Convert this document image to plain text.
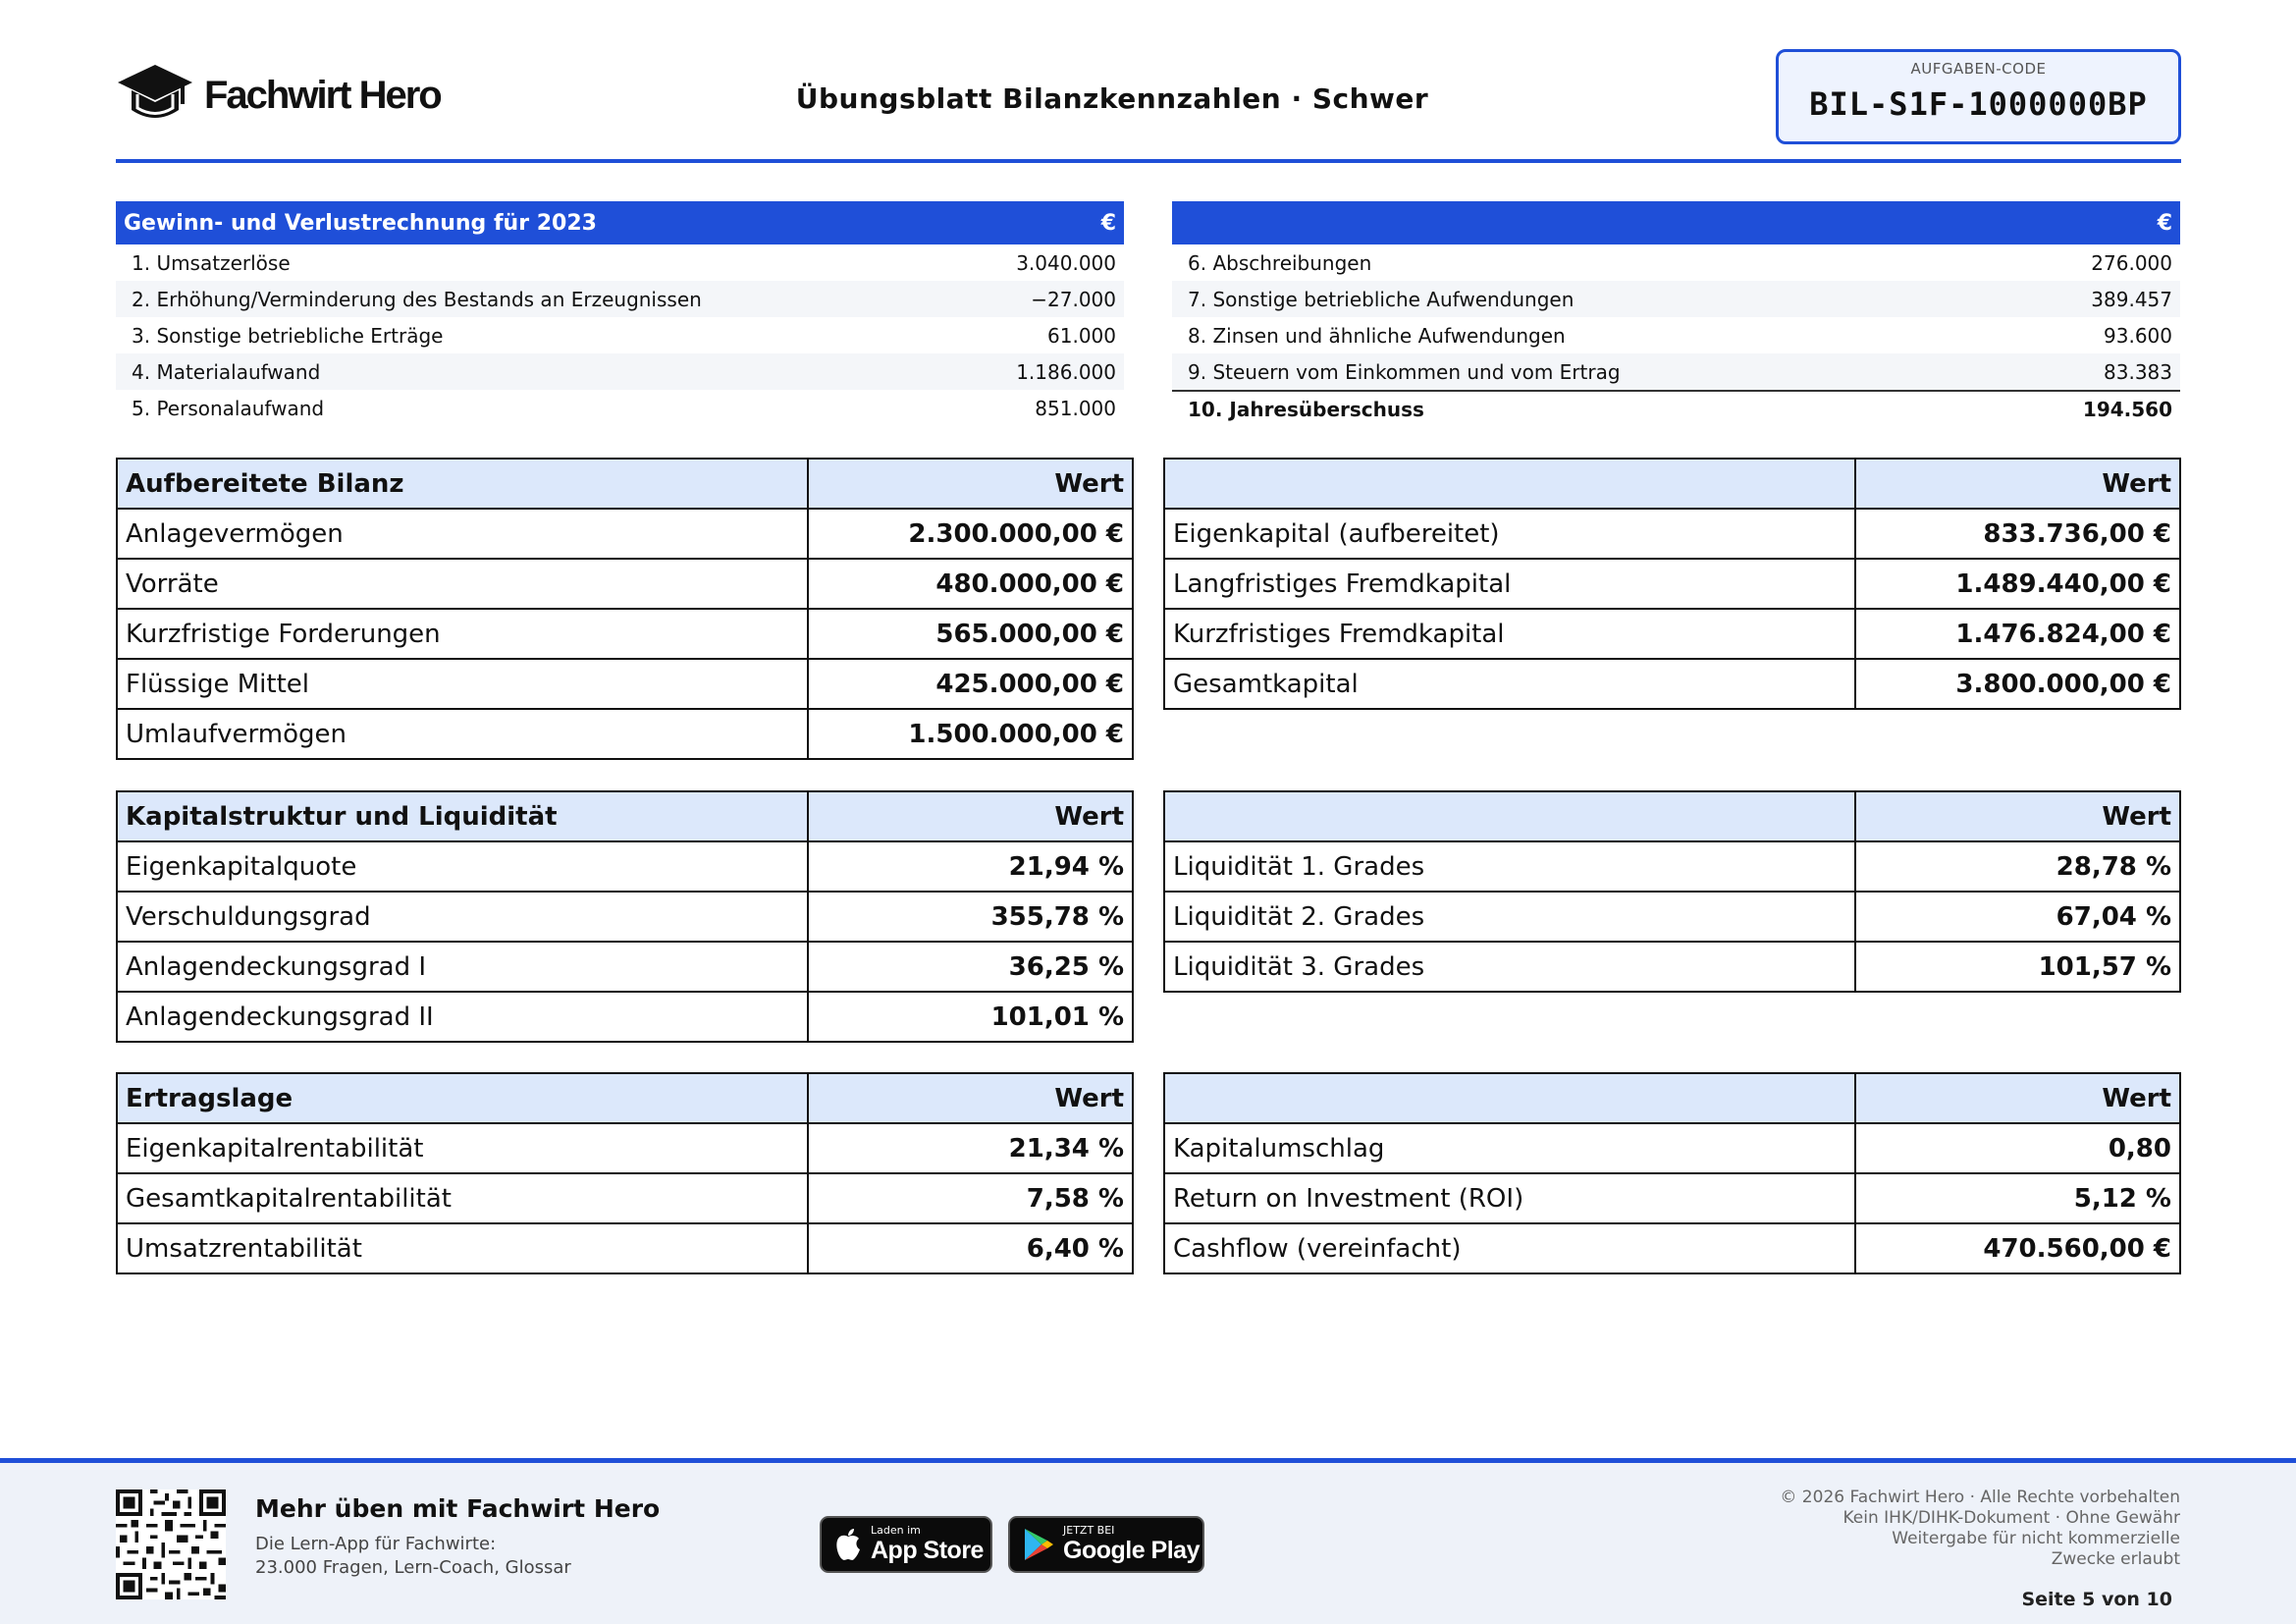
Fachwirt Hero	Übungsblatt Bilanzkennzahlen · Schwer
AUFGABEN-CODE
BIL-S1F-1000000BP
Gewinn- und Verlustrechnung für 2023	€
1. Umsatzerlöse	3.040.000
2. Erhöhung/Verminderung des Bestands an Erzeugnissen	−27.000
3. Sonstige betriebliche Erträge	61.000
4. Materialaufwand	1.186.000
5. Personalaufwand	851.000
€
6. Abschreibungen	276.000
7. Sonstige betriebliche Aufwendungen	389.457
8. Zinsen und ähnliche Aufwendungen	93.600
9. Steuern vom Einkommen und vom Ertrag	83.383
10. Jahresüberschuss	194.560
Aufbereitete Bilanz	Wert
Anlagevermögen	2.300.000,00 €
Vorräte	480.000,00 €
Kurzfristige Forderungen	565.000,00 €
Flüssige Mittel	425.000,00 €
Umlaufvermögen	1.500.000,00 €
	Wert
Eigenkapital (aufbereitet)	833.736,00 €
Langfristiges Fremdkapital	1.489.440,00 €
Kurzfristiges Fremdkapital	1.476.824,00 €
Gesamtkapital	3.800.000,00 €
Kapitalstruktur und Liquidität	Wert
Eigenkapitalquote	21,94 %
Verschuldungsgrad	355,78 %
Anlagendeckungsgrad I	36,25 %
Anlagendeckungsgrad II	101,01 %
	Wert
Liquidität 1. Grades	28,78 %
Liquidität 2. Grades	67,04 %
Liquidität 3. Grades	101,57 %
Ertragslage	Wert
Eigenkapitalrentabilität	21,34 %
Gesamtkapitalrentabilität	7,58 %
Umsatzrentabilität	6,40 %
	Wert
Kapitalumschlag	0,80
Return on Investment (ROI)	5,12 %
Cashflow (vereinfacht)	470.560,00 €
Mehr üben mit Fachwirt Hero
Die Lern-App für Fachwirte:
23.000 Fragen, Lern-Coach, Glossar
Laden im
App Store
JETZT BEI
Google Play
© 2026 Fachwirt Hero · Alle Rechte vorbehalten
Kein IHK/DIHK-Dokument · Ohne Gewähr
Weitergabe für nicht kommerzielle
Zwecke erlaubt
Seite 5 von 10
